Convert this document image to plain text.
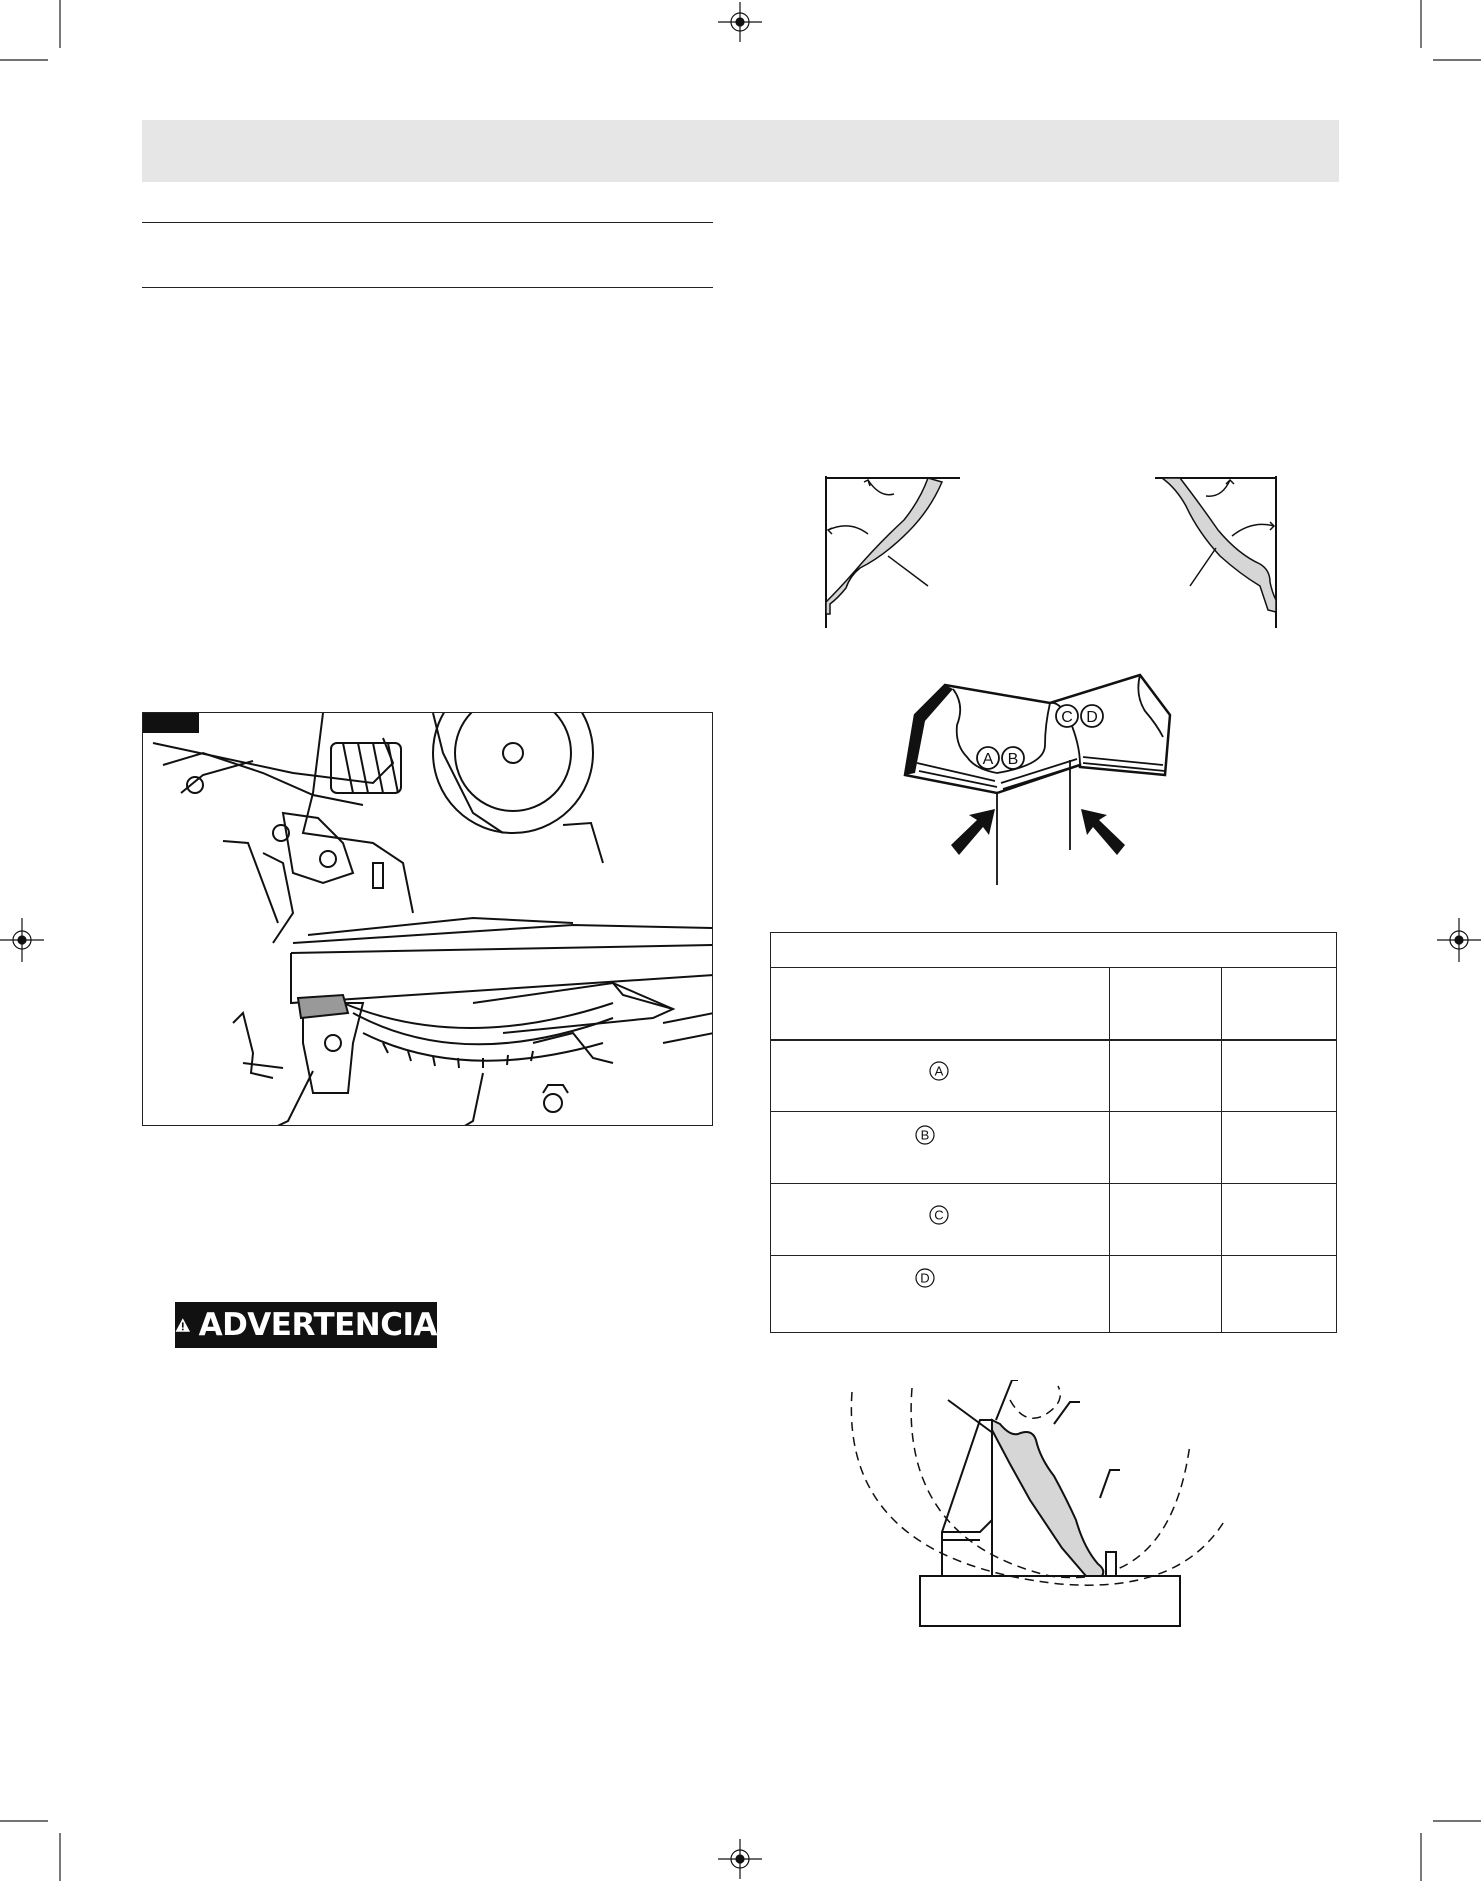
ADVERTENCIA
A B
C D
A
B
C
D
